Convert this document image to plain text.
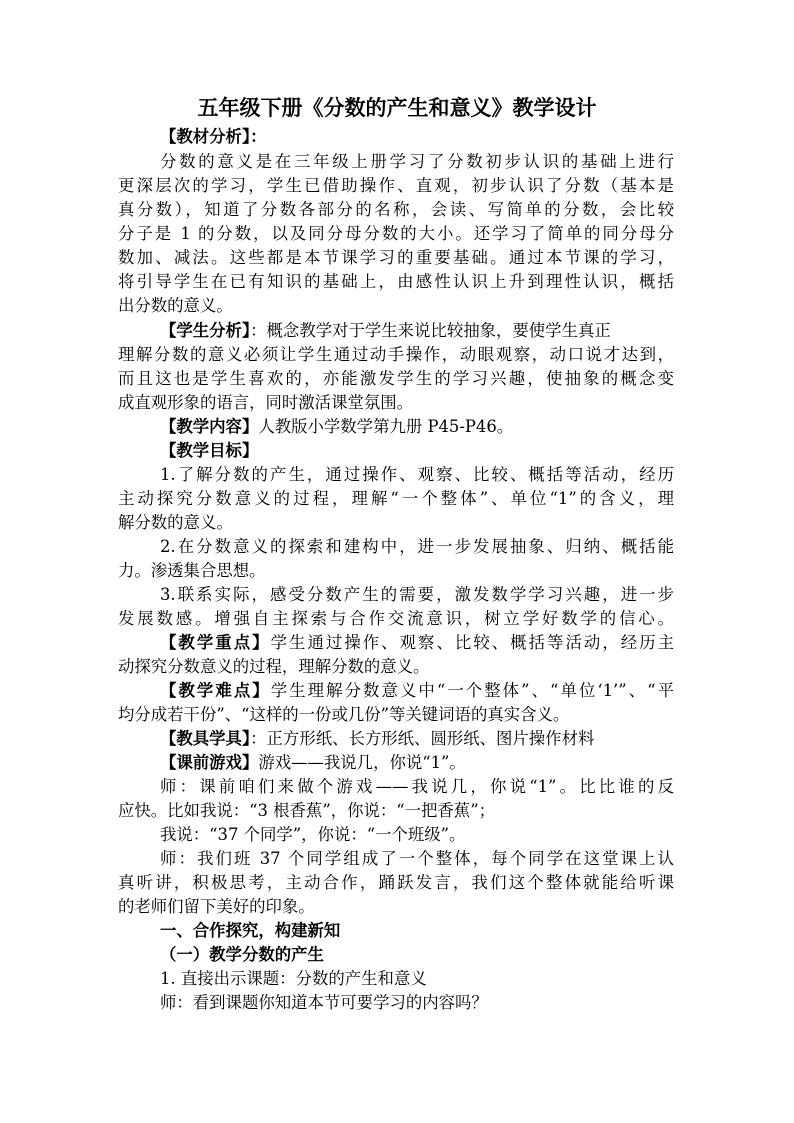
五年级下册《分数的产生和意义》教学设计
【教材分析】：
分数的意义是在三年级上册学习了分数初步认识的基础上进行
更深层次的学习，学生已借助操作、直观，初步认识了分数（基本是
真分数），知道了分数各部分的名称，会读、写简单的分数，会比较
分子是 1 的分数，以及同分母分数的大小。还学习了简单的同分母分
数加、减法。这些都是本节课学习的重要基础。通过本节课的学习，
将引导学生在已有知识的基础上，由感性认识上升到理性认识，概括
出分数的意义。
【学生分析】：概念教学对于学生来说比较抽象，要使学生真正
理解分数的意义必须让学生通过动手操作，动眼观察，动口说才达到，
而且这也是学生喜欢的，亦能激发学生的学习兴趣，使抽象的概念变
成直观形象的语言，同时激活课堂氛围。
【教学内容】人教版小学数学第九册 P45-P46。
【教学目标】
1.了解分数的产生，通过操作、观察、比较、概括等活动，经历
主动探究分数意义的过程，理解“一个整体”、单位“1”的含义，理
解分数的意义。
2.在分数意义的探索和建构中，进一步发展抽象、归纳、概括能
力。渗透集合思想。
3.联系实际，感受分数产生的需要，激发数学学习兴趣，进一步
发展数感。增强自主探索与合作交流意识，树立学好数学的信心。
【教学重点】学生通过操作、观察、比较、概括等活动，经历主
动探究分数意义的过程，理解分数的意义。
【教学难点】学生理解分数意义中“一个整体”、“单位‘1’”、“平
均分成若干份”、“这样的一份或几份”等关键词语的真实含义。
【教具学具】：正方形纸、长方形纸、圆形纸、图片操作材料
【课前游戏】游戏——我说几，你说“1”。
师：课前咱们来做个游戏——我说几，你说“1”。比比谁的反
应快。比如我说：“3 根香蕉”，你说：“一把香蕉”；
我说：“37 个同学”，你说：“一个班级”。
师：我们班 37 个同学组成了一个整体，每个同学在这堂课上认
真听讲，积极思考，主动合作，踊跃发言，我们这个整体就能给听课
的老师们留下美好的印象。
一、合作探究，构建新知
（一）教学分数的产生
1. 直接出示课题：分数的产生和意义
师：看到课题你知道本节可要学习的内容吗？
